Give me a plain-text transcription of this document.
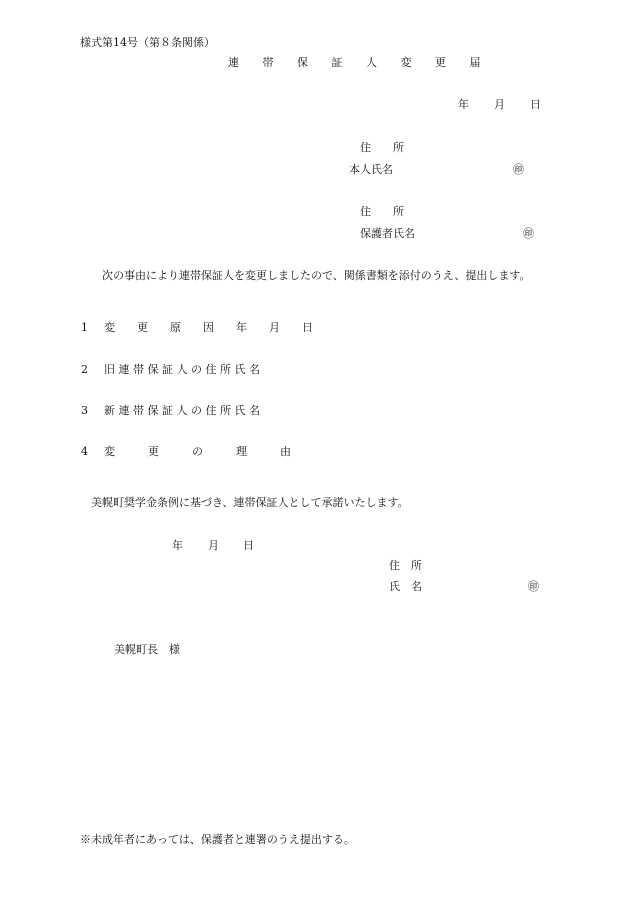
様式第14号（第８条関係）
連 帯 保 証 人 変 更 届
年 月 日
住　　所
本人氏名	㊞
住　　所
保護者氏名	㊞
次の事由により連帯保証人を変更しましたので、関係書類を添付のうえ、提出します。
1 変　　更　　原　　因　　年　　月　　日
2 旧 連 帯 保 証 人 の 住 所 氏 名
3 新 連 帯 保 証 人 の 住 所 氏 名
4 変　　　更　　　の　　　理　　　由
美幌町奨学金条例に基づき、連帯保証人として承諾いたします。
年 月 日
住　所
氏　名	㊞
美幌町長　様
※未成年者にあっては、保護者と連署のうえ提出する。
